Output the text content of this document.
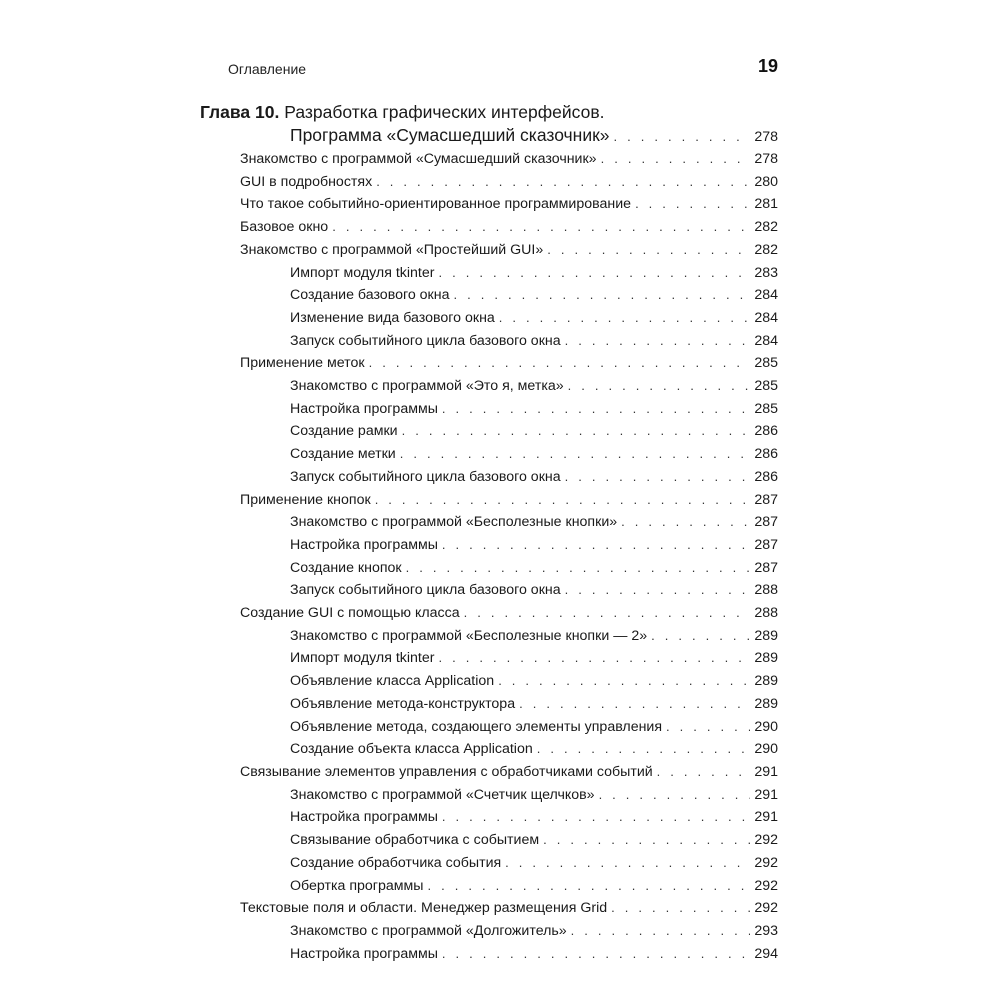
Оглавление	19
Глава 10. Разработка графических интерфейсов.
Программа «Сумасшедший сказочник» . . .	278
Знакомство с программой «Сумасшедший сказочник» . . .	278
GUI в подробностях . . .	280
Что такое событийно-ориентированное программирование . . .	281
Базовое окно . . .	282
Знакомство с программой «Простейший GUI» . . .	282
Импорт модуля tkinter . . .	283
Создание базового окна . . .	284
Изменение вида базового окна . . .	284
Запуск событийного цикла базового окна . . .	284
Применение меток . . .	285
Знакомство с программой «Это я, метка» . . .	285
Настройка программы . . .	285
Создание рамки . . .	286
Создание метки . . .	286
Запуск событийного цикла базового окна . . .	286
Применение кнопок . . .	287
Знакомство с программой «Бесполезные кнопки» . . .	287
Настройка программы . . .	287
Создание кнопок . . .	287
Запуск событийного цикла базового окна . . .	288
Создание GUI с помощью класса . . .	288
Знакомство с программой «Бесполезные кнопки — 2» . . .	289
Импорт модуля tkinter . . .	289
Объявление класса Application . . .	289
Объявление метода-конструктора . . .	289
Объявление метода, создающего элементы управления . . .	290
Создание объекта класса Application . . .	290
Связывание элементов управления с обработчиками событий . . .	291
Знакомство с программой «Счетчик щелчков» . . .	291
Настройка программы . . .	291
Связывание обработчика с событием . . .	292
Создание обработчика события . . .	292
Обертка программы . . .	292
Текстовые поля и области. Менеджер размещения Grid . . .	292
Знакомство с программой «Долгожитель» . . .	293
Настройка программы . . .	294
